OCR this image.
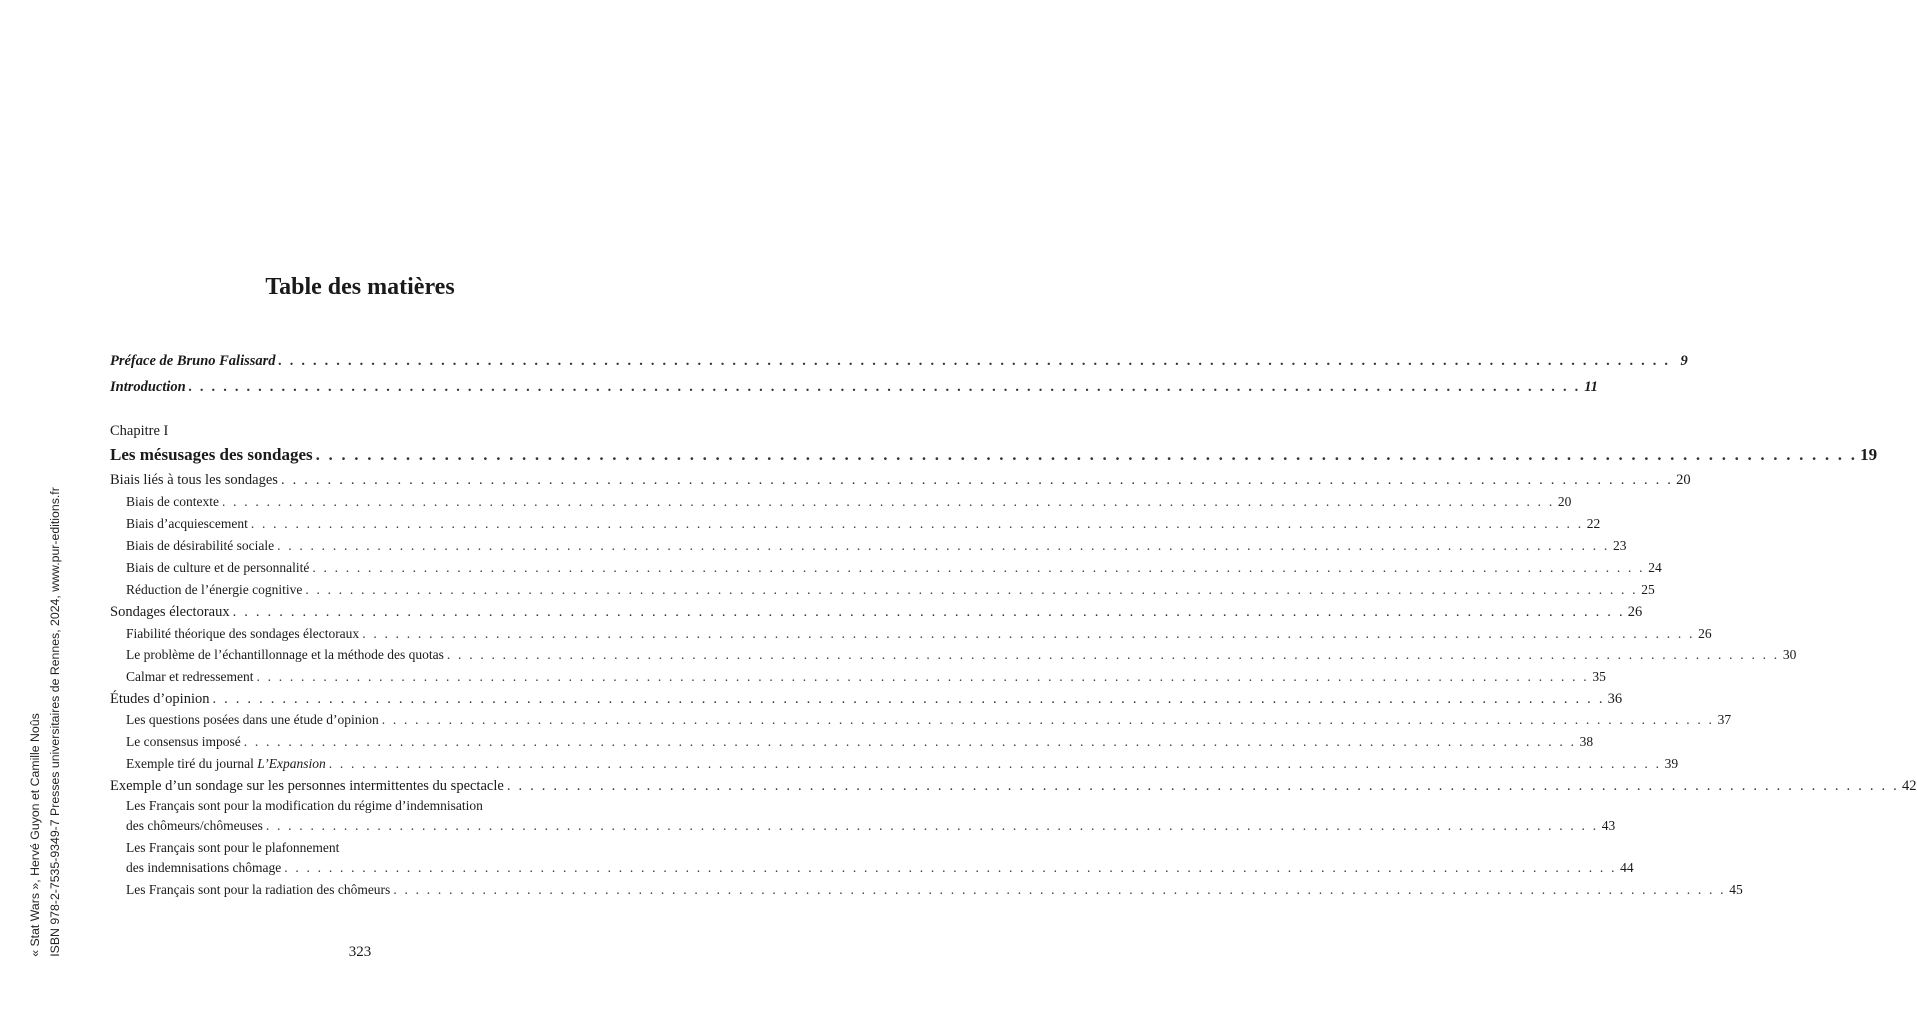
Table des matières
Chapitre I
Préface de Bruno Falissard . . . . . . . . . . . . . . . . . . . . . . . . . . . . . . . . . . . . . . . . . . . . . . . . . . . . . . . . . . . . . . . . . . . . . . . . . . . . . . . . . . . . . . . . . . . . . . . . . . . . . . . . . . . . . . . . . . . . . . . . 9
Introduction . . . . . . . . . . . . . . . . . . . . . . . . . . . . . . . . . . . . . . . . . . . . . . . . . . . . . . . . . . . . . . . . . . . . . . . . . . . . . . . . . . . . . . . . . . . . . . . . . . . . . . . . . . . . . . . . . . . . . . . . 11
Les mésusages des sondages . . . . . . . . . . . . . . . . . . . . . . . . . . . . . . . . . . . . . . . . . . . . . . . . . . . . . . . . . . . . . . . . . . . . . . . . . . . . . . . . . . . . . . . . . . . . . . . . . . . . . . . . . . . . . . . . . . . . . . . . 19
Biais liés à tous les sondages . . . . . . . . . . . . . . . . . . . . . . . . . . . . . . . . . . . . . . . . . . . . . . . . . . . . . . . . . . . . . . . . . . . . . . . . . . . . . . . . . . . . . . . . . . . . . . . . . . . . . . . . . . . . . . . . . . . . . . . . 20
Biais de contexte . . . . . . . . . . . . . . . . . . . . . . . . . . . . . . . . . . . . . . . . . . . . . . . . . . . . . . . . . . . . . . . . . . . . . . . . . . . . . . . . . . . . . . . . . . . . . . . . . . . . . . . . . . . . . . . . . . . . . . . . 20
Biais d’acquiescement . . . . . . . . . . . . . . . . . . . . . . . . . . . . . . . . . . . . . . . . . . . . . . . . . . . . . . . . . . . . . . . . . . . . . . . . . . . . . . . . . . . . . . . . . . . . . . . . . . . . . . . . . . . . . . . . . . . . . . . . 22
Biais de désirabilité sociale . . . . . . . . . . . . . . . . . . . . . . . . . . . . . . . . . . . . . . . . . . . . . . . . . . . . . . . . . . . . . . . . . . . . . . . . . . . . . . . . . . . . . . . . . . . . . . . . . . . . . . . . . . . . . . . . . . . . . . . . 23
Biais de culture et de personnalité . . . . . . . . . . . . . . . . . . . . . . . . . . . . . . . . . . . . . . . . . . . . . . . . . . . . . . . . . . . . . . . . . . . . . . . . . . . . . . . . . . . . . . . . . . . . . . . . . . . . . . . . . . . . . . . . . . . . . . . . 24
Réduction de l’énergie cognitive . . . . . . . . . . . . . . . . . . . . . . . . . . . . . . . . . . . . . . . . . . . . . . . . . . . . . . . . . . . . . . . . . . . . . . . . . . . . . . . . . . . . . . . . . . . . . . . . . . . . . . . . . . . . . . . . . . . . . . . . 25
Sondages électoraux . . . . . . . . . . . . . . . . . . . . . . . . . . . . . . . . . . . . . . . . . . . . . . . . . . . . . . . . . . . . . . . . . . . . . . . . . . . . . . . . . . . . . . . . . . . . . . . . . . . . . . . . . . . . . . . . . . . . . . . . 26
Fiabilité théorique des sondages électoraux . . . . . . . . . . . . . . . . . . . . . . . . . . . . . . . . . . . . . . . . . . . . . . . . . . . . . . . . . . . . . . . . . . . . . . . . . . . . . . . . . . . . . . . . . . . . . . . . . . . . . . . . . . . . . . . . . . . . . . . . 26
Le problème de l’échantillonnage et la méthode des quotas . . . . . . . . . . . . . . . . . . . . . . . . . . . . . . . . . . . . . . . . . . . . . . . . . . . . . . . . . . . . . . . . . . . . . . . . . . . . . . . . . . . . . . . . . . . . . . . . . . . . . . . . . . . . . . . . . . . . . . . . 30
Calmar et redressement . . . . . . . . . . . . . . . . . . . . . . . . . . . . . . . . . . . . . . . . . . . . . . . . . . . . . . . . . . . . . . . . . . . . . . . . . . . . . . . . . . . . . . . . . . . . . . . . . . . . . . . . . . . . . . . . . . . . . . . . 35
Études d’opinion . . . . . . . . . . . . . . . . . . . . . . . . . . . . . . . . . . . . . . . . . . . . . . . . . . . . . . . . . . . . . . . . . . . . . . . . . . . . . . . . . . . . . . . . . . . . . . . . . . . . . . . . . . . . . . . . . . . . . . . . 36
Les questions posées dans une étude d’opinion . . . . . . . . . . . . . . . . . . . . . . . . . . . . . . . . . . . . . . . . . . . . . . . . . . . . . . . . . . . . . . . . . . . . . . . . . . . . . . . . . . . . . . . . . . . . . . . . . . . . . . . . . . . . . . . . . . . . . . . . 37
Le consensus imposé . . . . . . . . . . . . . . . . . . . . . . . . . . . . . . . . . . . . . . . . . . . . . . . . . . . . . . . . . . . . . . . . . . . . . . . . . . . . . . . . . . . . . . . . . . . . . . . . . . . . . . . . . . . . . . . . . . . . . . . . 38
Exemple tiré du journal L’Expansion . . . . . . . . . . . . . . . . . . . . . . . . . . . . . . . . . . . . . . . . . . . . . . . . . . . . . . . . . . . . . . . . . . . . . . . . . . . . . . . . . . . . . . . . . . . . . . . . . . . . . . . . . . . . . . . . . . . . . . . . 39
Exemple d’un sondage sur les personnes intermittentes du spectacle . . . . . . . . . . . . . . . . . . . . . . . . . . . . . . . . . . . . . . . . . . . . . . . . . . . . . . . . . . . . . . . . . . . . . . . . . . . . . . . . . . . . . . . . . . . . . . . . . . . . . . . . . . . . . . . . . . . . . . . . 42
Les Français sont pour la modification du régime d’indemnisation
des chômeurs/chômeuses . . . . . . . . . . . . . . . . . . . . . . . . . . . . . . . . . . . . . . . . . . . . . . . . . . . . . . . . . . . . . . . . . . . . . . . . . . . . . . . . . . . . . . . . . . . . . . . . . . . . . . . . . . . . . . . . . . . . . . . . 43
Les Français sont pour le plafonnement
des indemnisations chômage . . . . . . . . . . . . . . . . . . . . . . . . . . . . . . . . . . . . . . . . . . . . . . . . . . . . . . . . . . . . . . . . . . . . . . . . . . . . . . . . . . . . . . . . . . . . . . . . . . . . . . . . . . . . . . . . . . . . . . . . 44
Les Français sont pour la radiation des chômeurs . . . . . . . . . . . . . . . . . . . . . . . . . . . . . . . . . . . . . . . . . . . . . . . . . . . . . . . . . . . . . . . . . . . . . . . . . . . . . . . . . . . . . . . . . . . . . . . . . . . . . . . . . . . . . . . . . . . . . . . . 45
323
« Stat Wars », Hervé Guyon et Camille Noûs ISBN 978-2-7535-9349-7 Presses universitaires de Rennes, 2024, www.pur-editions.fr
